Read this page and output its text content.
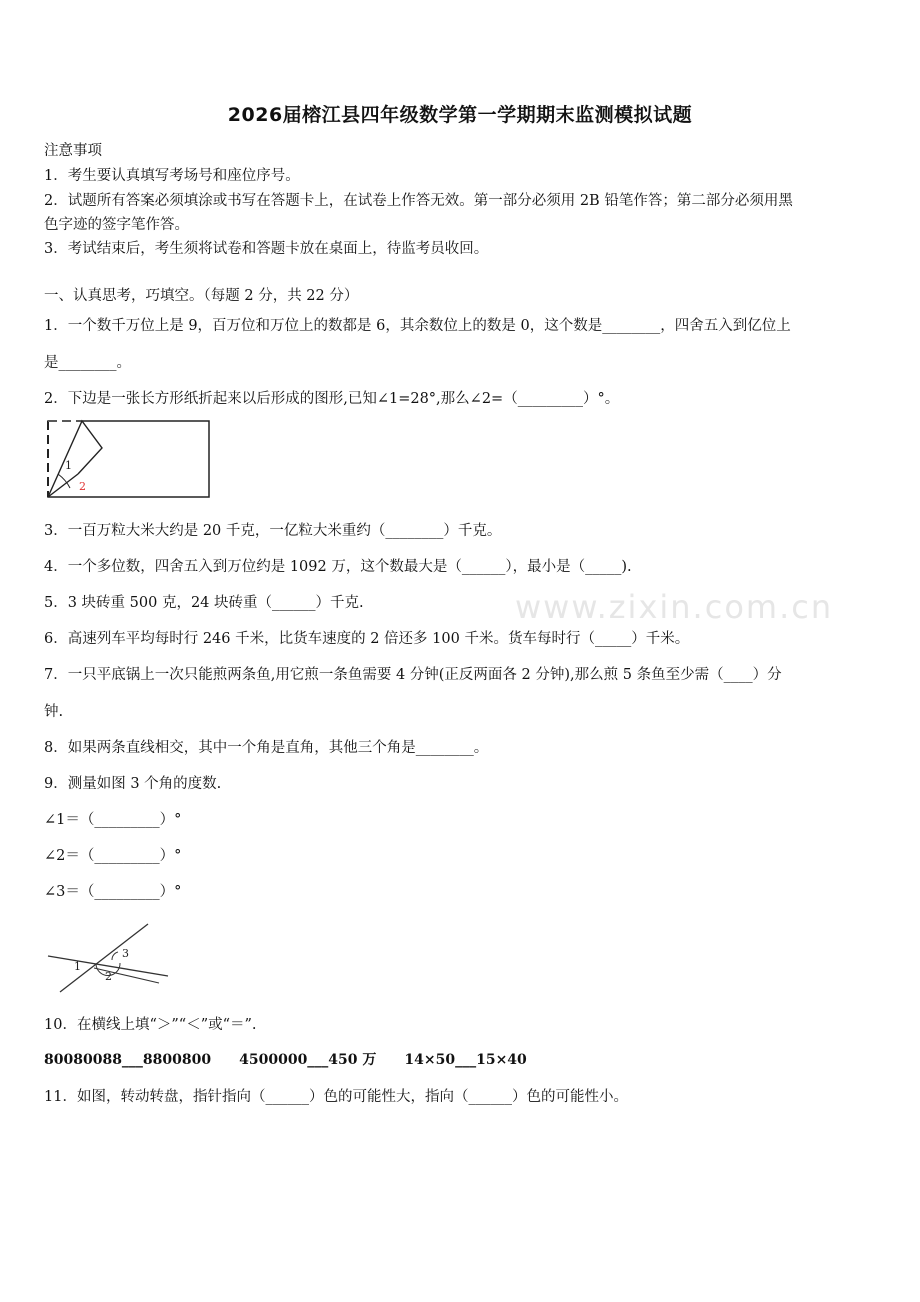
2026届榕江县四年级数学第一学期期末监测模拟试题
注意事项
1．考生要认真填写考场号和座位序号。
2．试题所有答案必须填涂或书写在答题卡上，在试卷上作答无效。第一部分必须用 2B 铅笔作答；第二部分必须用黑
色字迹的签字笔作答。
3．考试结束后，考生须将试卷和答题卡放在桌面上，待监考员收回。
一、认真思考，巧填空。（每题 2 分，共 22 分）
1．一个数千万位上是 9，百万位和万位上的数都是 6，其余数位上的数是 0，这个数是________，四舍五入到亿位上
是________。
2．下边是一张长方形纸折起来以后形成的图形,已知∠1=28°,那么∠2=（_________）°。
1
2
3．一百万粒大米大约是 20 千克，一亿粒大米重约（________）千克。
4．一个多位数，四舍五入到万位约是 1092 万，这个数最大是（______），最小是（_____).
5．3 块砖重 500 克，24 块砖重（______）千克.	www.zixin.com.cn
6．高速列车平均每时行 246 千米，比货车速度的 2 倍还多 100 千米。货车每时行（_____）千米。
7．一只平底锅上一次只能煎两条鱼,用它煎一条鱼需要 4 分钟(正反两面各 2 分钟),那么煎 5 条鱼至少需（____）分
钟.
8．如果两条直线相交，其中一个角是直角，其他三个角是________。
9．测量如图 3 个角的度数.
∠1＝（_________）°
∠2＝（_________）°
∠3＝（_________）°
1
2
3
10．在横线上填“＞”“＜”或“＝”.
80080088___8800800　　4500000___450 万　　14×50___15×40
11．如图，转动转盘，指针指向（______）色的可能性大，指向（______）色的可能性小。
